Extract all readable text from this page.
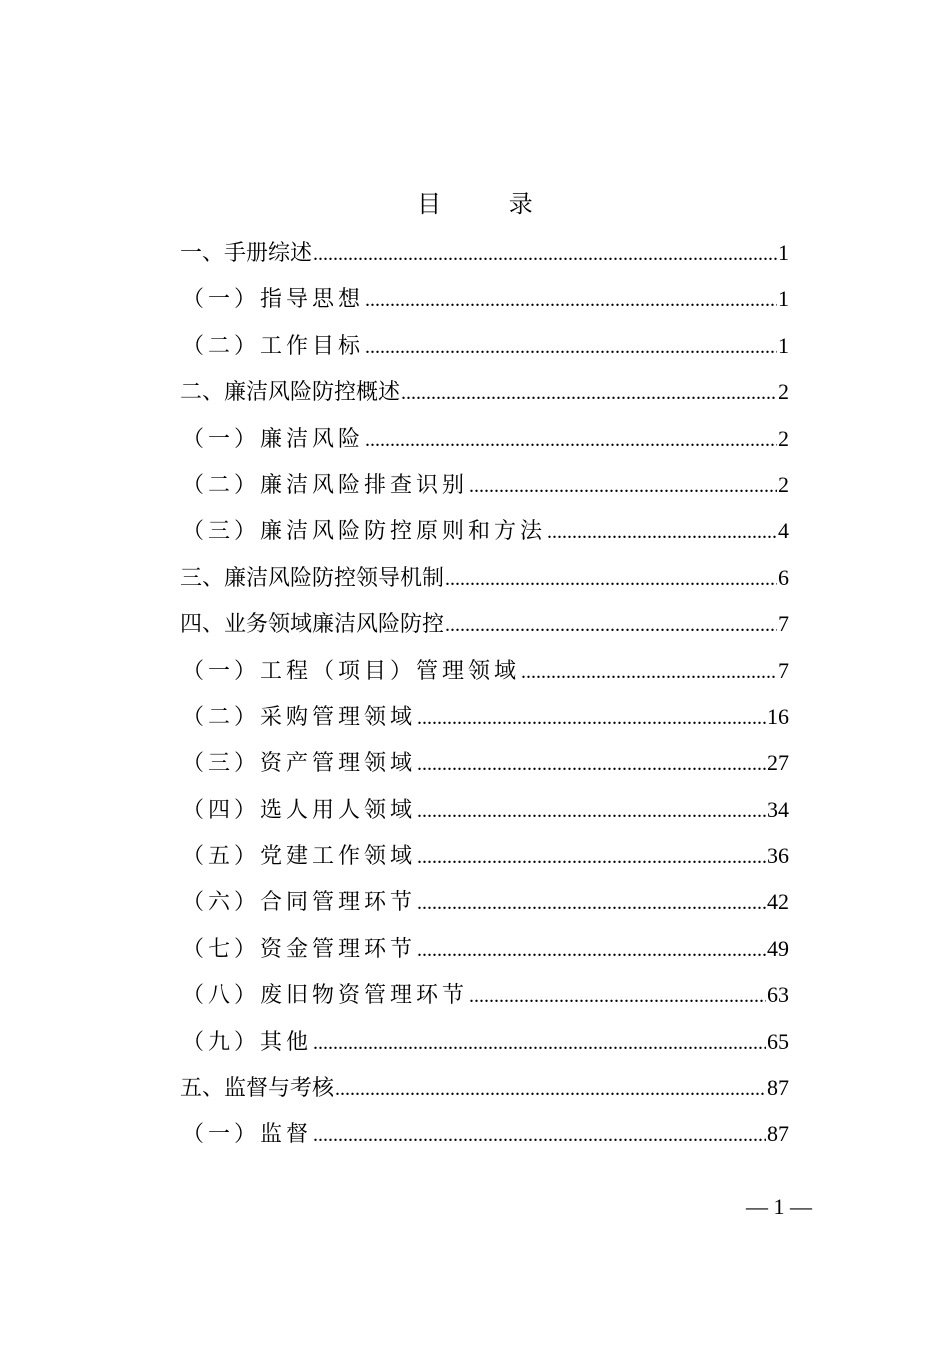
目 录
一、手册综述 .....	1
（一）指导思想 .....	1
（二）工作目标 .....	1
二、廉洁风险防控概述 .....	2
（一）廉洁风险 .....	2
（二）廉洁风险排查识别 .....	2
（三）廉洁风险防控原则和方法 .....	4
三、廉洁风险防控领导机制 .....	6
四、业务领域廉洁风险防控 .....	7
（一）工程（项目）管理领域 .....	7
（二）采购管理领域 .....	16
（三）资产管理领域 .....	27
（四）选人用人领域 .....	34
（五）党建工作领域 .....	36
（六）合同管理环节 .....	42
（七）资金管理环节 .....	49
（八）废旧物资管理环节 .....	63
（九）其他 .....	65
五、监督与考核 .....	87
（一）监督 .....	87
— 1 —
